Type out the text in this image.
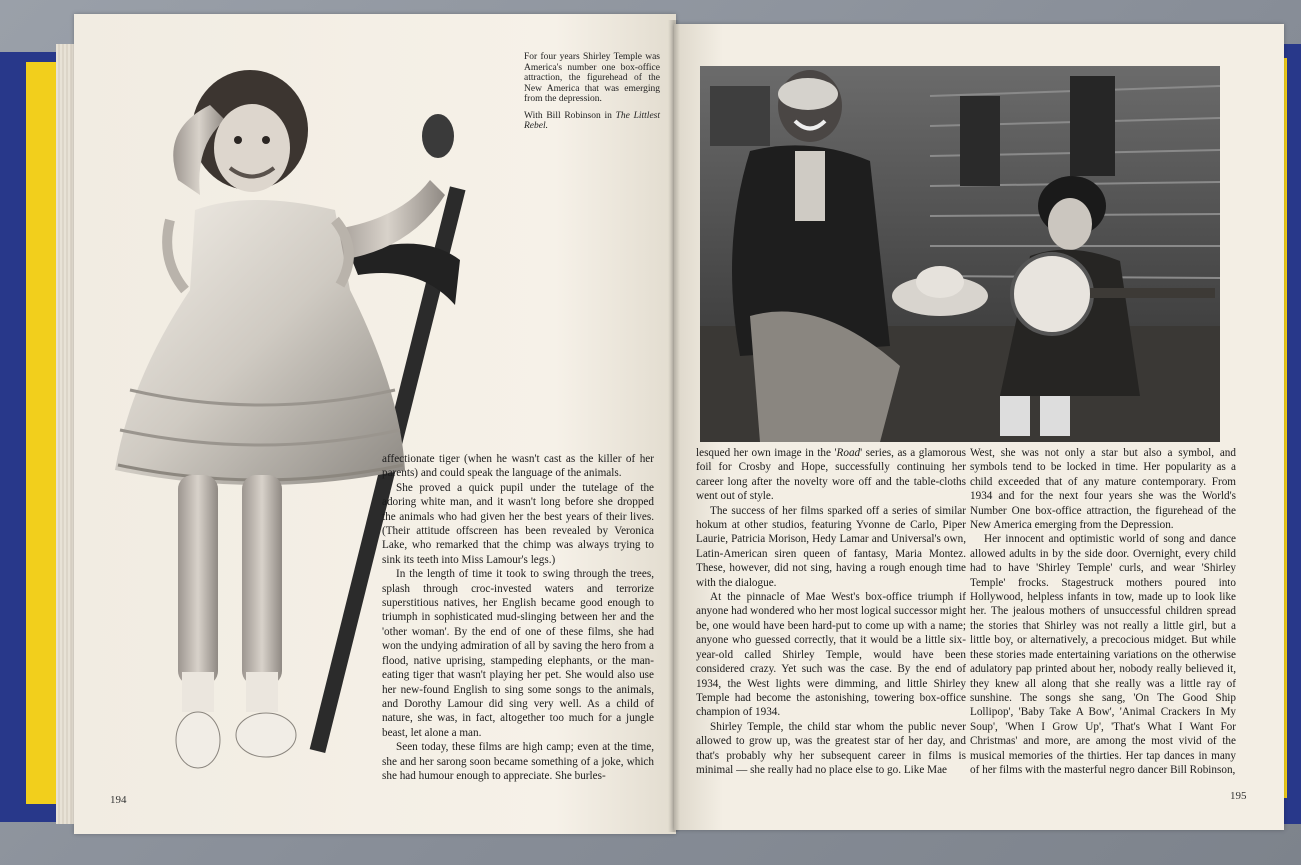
For four years Shirley Temple was America's number one box-office attraction, the figurehead of the New America that was emerging from the depression.

With Bill Robinson in The Littlest Rebel.

affectionate tiger (when he wasn't cast as the killer of her parents) and could speak the language of the animals.

She proved a quick pupil under the tutelage of the adoring white man, and it wasn't long before she dropped the animals who had given her the best years of their lives. (Their attitude offscreen has been revealed by Veronica Lake, who remarked that the chimp was always trying to sink its teeth into Miss Lamour's legs.)

In the length of time it took to swing through the trees, splash through croc-invested waters and terrorize superstitious natives, her English became good enough to triumph in sophisticated mud-slinging between her and the 'other woman'. By the end of one of these films, she had won the undying admiration of all by saving the hero from a flood, native uprising, stampeding elephants, or the man-eating tiger that wasn't playing her pet. She would also use her new-found English to sing some songs to the animals, and Dorothy Lamour did sing very well. As a child of nature, she was, in fact, altogether too much for a jungle beast, let alone a man.

Seen today, these films are high camp; even at the time, she and her sarong soon became something of a joke, which she had humour enough to appreciate. She burles-

194

lesqued her own image in the 'Road' series, as a glamorous foil for Crosby and Hope, successfully continuing her career long after the novelty wore off and the table-cloths went out of style.

The success of her films sparked off a series of similar hokum at other studios, featuring Yvonne de Carlo, Piper Laurie, Patricia Morison, Hedy Lamar and Universal's own, Latin-American siren queen of fantasy, Maria Montez. These, however, did not sing, having a rough enough time with the dialogue.

At the pinnacle of Mae West's box-office triumph if anyone had wondered who her most logical successor might be, one would have been hard-put to come up with a name; anyone who guessed correctly, that it would be a little six-year-old called Shirley Temple, would have been considered crazy. Yet such was the case. By the end of 1934, the West lights were dimming, and little Shirley Temple had become the astonishing, towering box-office champion of 1934.

Shirley Temple, the child star whom the public never allowed to grow up, was the greatest star of her day, and that's probably why her subsequent career in films is minimal — she really had no place else to go. Like Mae

West, she was not only a star but also a symbol, and symbols tend to be locked in time. Her popularity as a child exceeded that of any mature contemporary. From 1934 and for the next four years she was the World's Number One box-office attraction, the figurehead of the New America emerging from the Depression.

Her innocent and optimistic world of song and dance allowed adults in by the side door. Overnight, every child had to have 'Shirley Temple' curls, and wear 'Shirley Temple' frocks. Stagestruck mothers poured into Hollywood, helpless infants in tow, made up to look like her. The jealous mothers of unsuccessful children spread the stories that Shirley was not really a little girl, but a little boy, or alternatively, a precocious midget. But while these stories made entertaining variations on the otherwise adulatory pap printed about her, nobody really believed it, they knew all along that she really was a little ray of sunshine. The songs she sang, 'On The Good Ship Lollipop', 'Baby Take A Bow', 'Animal Crackers In My Soup', 'When I Grow Up', 'That's What I Want For Christmas' and more, are among the most vivid of the musical memories of the thirties. Her tap dances in many of her films with the masterful negro dancer Bill Robinson,

195
